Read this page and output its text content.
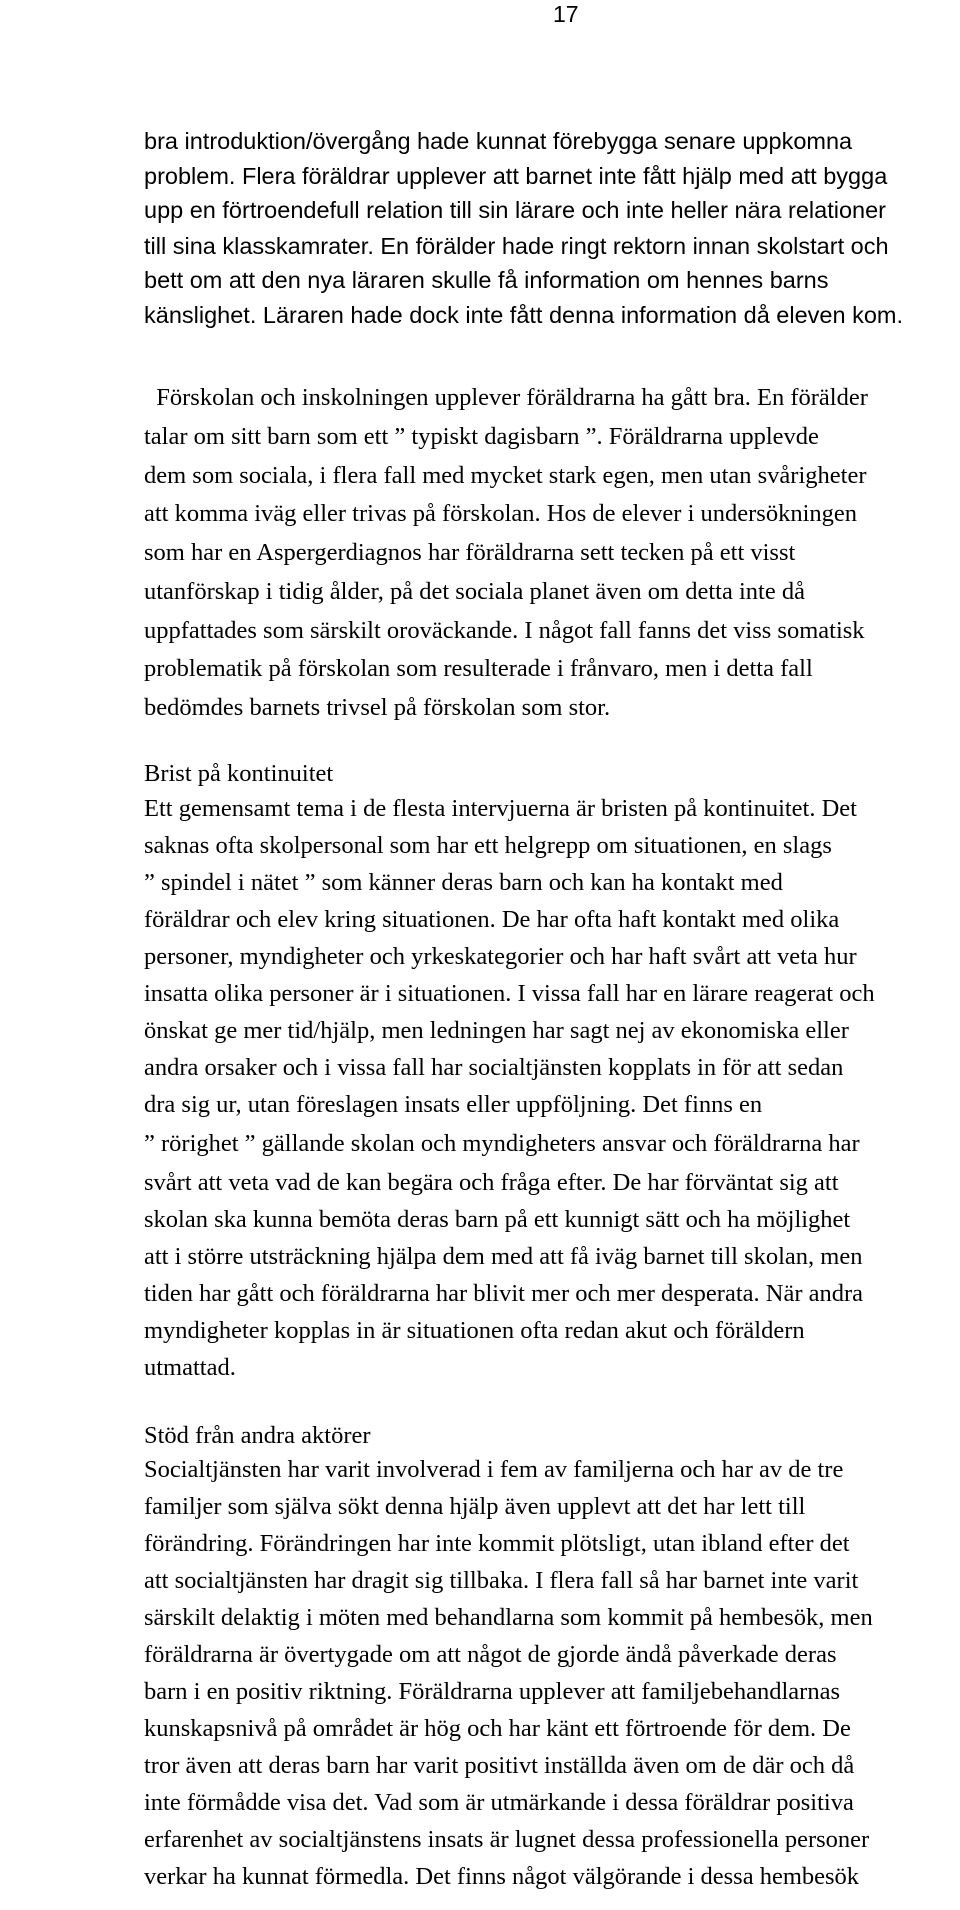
17

bra introduktion/övergång hade kunnat förebygga senare uppkomna

problem. Flera föräldrar upplever att barnet inte fått hjälp med att bygga

upp en förtroendefull relation till sin lärare och inte heller nära relationer

till sina klasskamrater. En förälder hade ringt rektorn innan skolstart och

bett om att den nya läraren skulle få information om hennes barns

känslighet. Läraren hade dock inte fått denna information då eleven kom.

Förskolan och inskolningen upplever föräldrarna ha gått bra. En förälder

talar om sitt barn som ett ” typiskt dagisbarn ”. Föräldrarna upplevde

dem som sociala, i flera fall med mycket stark egen, men utan svårigheter

att komma iväg eller trivas på förskolan. Hos de elever i undersökningen

som har en Aspergerdiagnos har föräldrarna sett tecken på ett visst

utanförskap i tidig ålder, på det sociala planet även om detta inte då

uppfattades som särskilt oroväckande. I något fall fanns det viss somatisk

problematik på förskolan som resulterade i frånvaro, men i detta fall

bedömdes barnets trivsel på förskolan som stor.

Brist på kontinuitet

Ett gemensamt tema i de flesta intervjuerna är bristen på kontinuitet. Det

saknas ofta skolpersonal som har ett helgrepp om situationen, en slags

” spindel i nätet ” som känner deras barn och kan ha kontakt med

föräldrar och elev kring situationen. De har ofta haft kontakt med olika

personer, myndigheter och yrkeskategorier och har haft svårt att veta hur

insatta olika personer är i situationen. I vissa fall har en lärare reagerat och

önskat ge mer tid/hjälp, men ledningen har sagt nej av ekonomiska eller

andra orsaker och i vissa fall har socialtjänsten kopplats in för att sedan

dra sig ur, utan föreslagen insats eller uppföljning. Det finns en

” rörighet ” gällande skolan och myndigheters ansvar och föräldrarna har

svårt att veta vad de kan begära och fråga efter. De har förväntat sig att

skolan ska kunna bemöta deras barn på ett kunnigt sätt och ha möjlighet

att i större utsträckning hjälpa dem med att få iväg barnet till skolan, men

tiden har gått och föräldrarna har blivit mer och mer desperata. När andra

myndigheter kopplas in är situationen ofta redan akut och föräldern

utmattad.

Stöd från andra aktörer

Socialtjänsten har varit involverad i fem av familjerna och har av de tre

familjer som själva sökt denna hjälp även upplevt att det har lett till

förändring. Förändringen har inte kommit plötsligt, utan ibland efter det

att socialtjänsten har dragit sig tillbaka. I flera fall så har barnet inte varit

särskilt delaktig i möten med behandlarna som kommit på hembesök, men

föräldrarna är övertygade om att något de gjorde ändå påverkade deras

barn i en positiv riktning. Föräldrarna upplever att familjebehandlarnas

kunskapsnivå på området är hög och har känt ett förtroende för dem. De

tror även att deras barn har varit positivt inställda även om de där och då

inte förmådde visa det. Vad som är utmärkande i dessa föräldrar positiva

erfarenhet av socialtjänstens insats är lugnet dessa professionella personer

verkar ha kunnat förmedla. Det finns något välgörande i dessa hembesök
